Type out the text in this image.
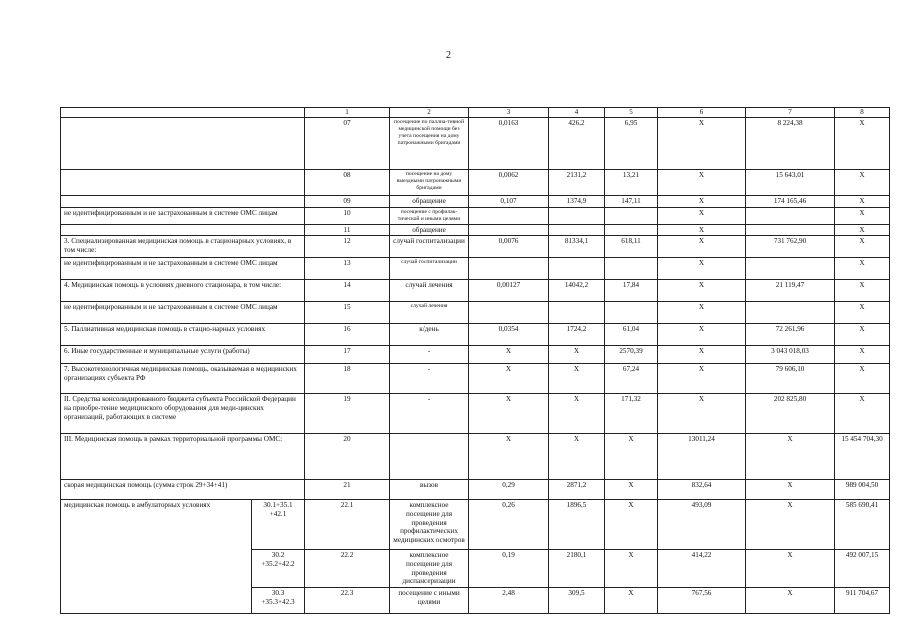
2
		1	2	3	4	5	6	7	8	
		07	посещение по паллиа-тивной медицинской помощи без учета посещения на дому патронажными бригадами	0,0163	426,2	6,95	X	8 224,38	X	
		08	посещение на дому выездными патронажными бригадами	0,0062	2131,2	13,21	X	15 643,01	X	
		09	обращение	0,107	1374,9	147,11	X	174 165,46	X	
не идентифицированным и не застрахованным в системе ОМС лицам		10	посещение с профилак-тической и иными целями				X		X	
		11	обращение				X		X	
3. Специализированная медицинская помощь в стационарных условиях, в том числе:		12	случай госпитализации	0,0076	81334,1	618,11	X	731 762,90	X	
не идентифицированным и не застрахованным в системе ОМС лицам		13	случай госпитализации				X		X	
4. Медицинская помощь в условиях дневного стационара, в том числе:		14	случай лечения	0,00127	14042,2	17,84	X	21 119,47	X	
не идентифицированным и не застрахованным в системе ОМС лицам		15	случай лечения				X		X	
5. Паллиативная медицинская помощь в стацио-нарных условиях		16	к/день	0,0354	1724,2	61,04	X	72 261,96	X	
6. Иные государственные и муниципальные услуги (работы)		17	-	X	X	2570,39	X	3 043 018,03	X	
7. Высокотехнологичная медицинская помощь, оказываемая в медицинских организациях субъекта РФ		18	-	X	X	67,24	X	79 606,10	X	
II. Средства консолидированного бюджета субъекта Российской Федерации на приобре-тение медицинского оборудования для меди-цинских организаций, работающих в системе		19	-	X	X	171,32	X	202 825,80	X	
III. Медицинская помощь в рамках территориальной программы ОМС:		20		X	X	X	13011,24	X	15 454 704,30	
скорая медицинская помощь (сумма строк 29+34+41)		21	вызов	0,29	2871,2	X	832,64	X	989 004,50	
медицинская помощь в амбулаторных условиях	30.1+35.1 +42.1	22.1	комплексное посещение для проведения профилактических медицинских осмотров	0,26	1896,5	X	493,09	X	585 690,41	
	30.2 +35.2+42.2	22.2	комплексное посещение для проведения диспансеризации	0,19	2180,1	X	414,22	X	492 007,15	
	30.3 +35.3+42.3	22.3	посещение с иными целями	2,48	309,5	X	767,56	X	911 704,67	
